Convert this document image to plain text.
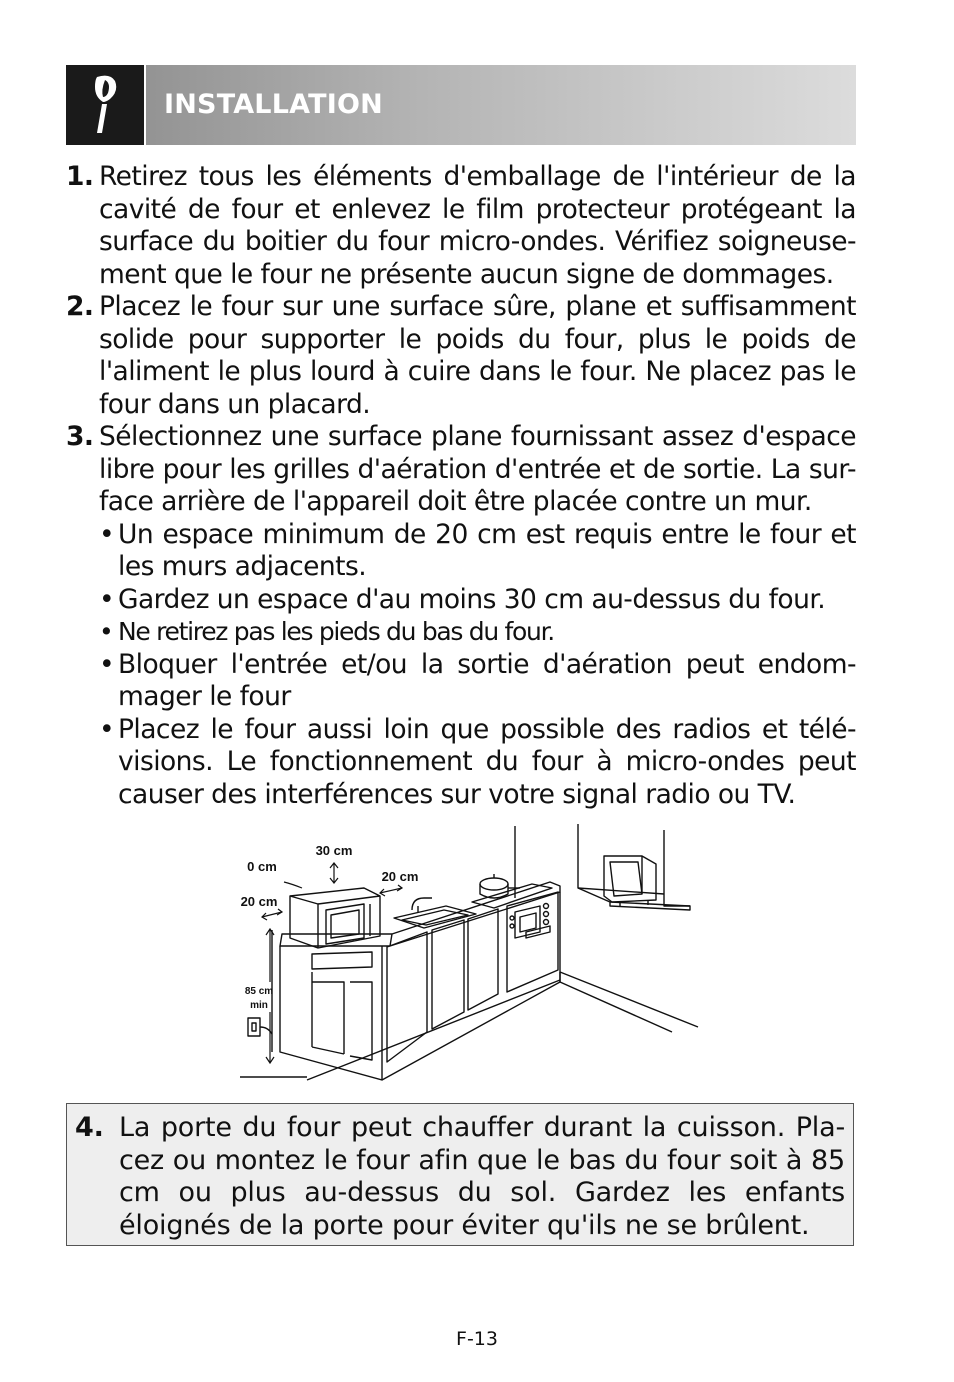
INSTALLATION
1. Retirez tous les éléments d'emballage de l'intérieur de la cavité de four et enlevez le film protecteur protégeant la surface du boitier du four micro-ondes. Vérifiez soigneuse-ment que le four ne présente aucun signe de dommages.
2. Placez le four sur une surface sûre, plane et suffisamment solide pour supporter le poids du four, plus le poids de l'aliment le plus lourd à cuire dans le four. Ne placez pas le four dans un placard.
3. Sélectionnez une surface plane fournissant assez d'espace libre pour les grilles d'aération d'entrée et de sortie. La sur-face arrière de l'appareil doit être placée contre un mur.
• Un espace minimum de 20 cm est requis entre le four et les murs adjacents.
• Gardez un espace d'au moins 30 cm au-dessus du four.
• Ne retirez pas les pieds du bas du four.
• Bloquer l'entrée et/ou la sortie d'aération peut endom-mager le four
• Placez le four aussi loin que possible des radios et télé-visions. Le fonctionnement du four à micro-ondes peut causer des interférences sur votre signal radio ou TV.
30 cm
0 cm
20 cm
20 cm
85 cm
min
4. La porte du four peut chauffer durant la cuisson. Pla-cez ou montez le four afin que le bas du four soit à 85 cm ou plus au-dessus du sol. Gardez les enfants éloignés de la porte pour éviter qu'ils ne se brûlent.
F-13
